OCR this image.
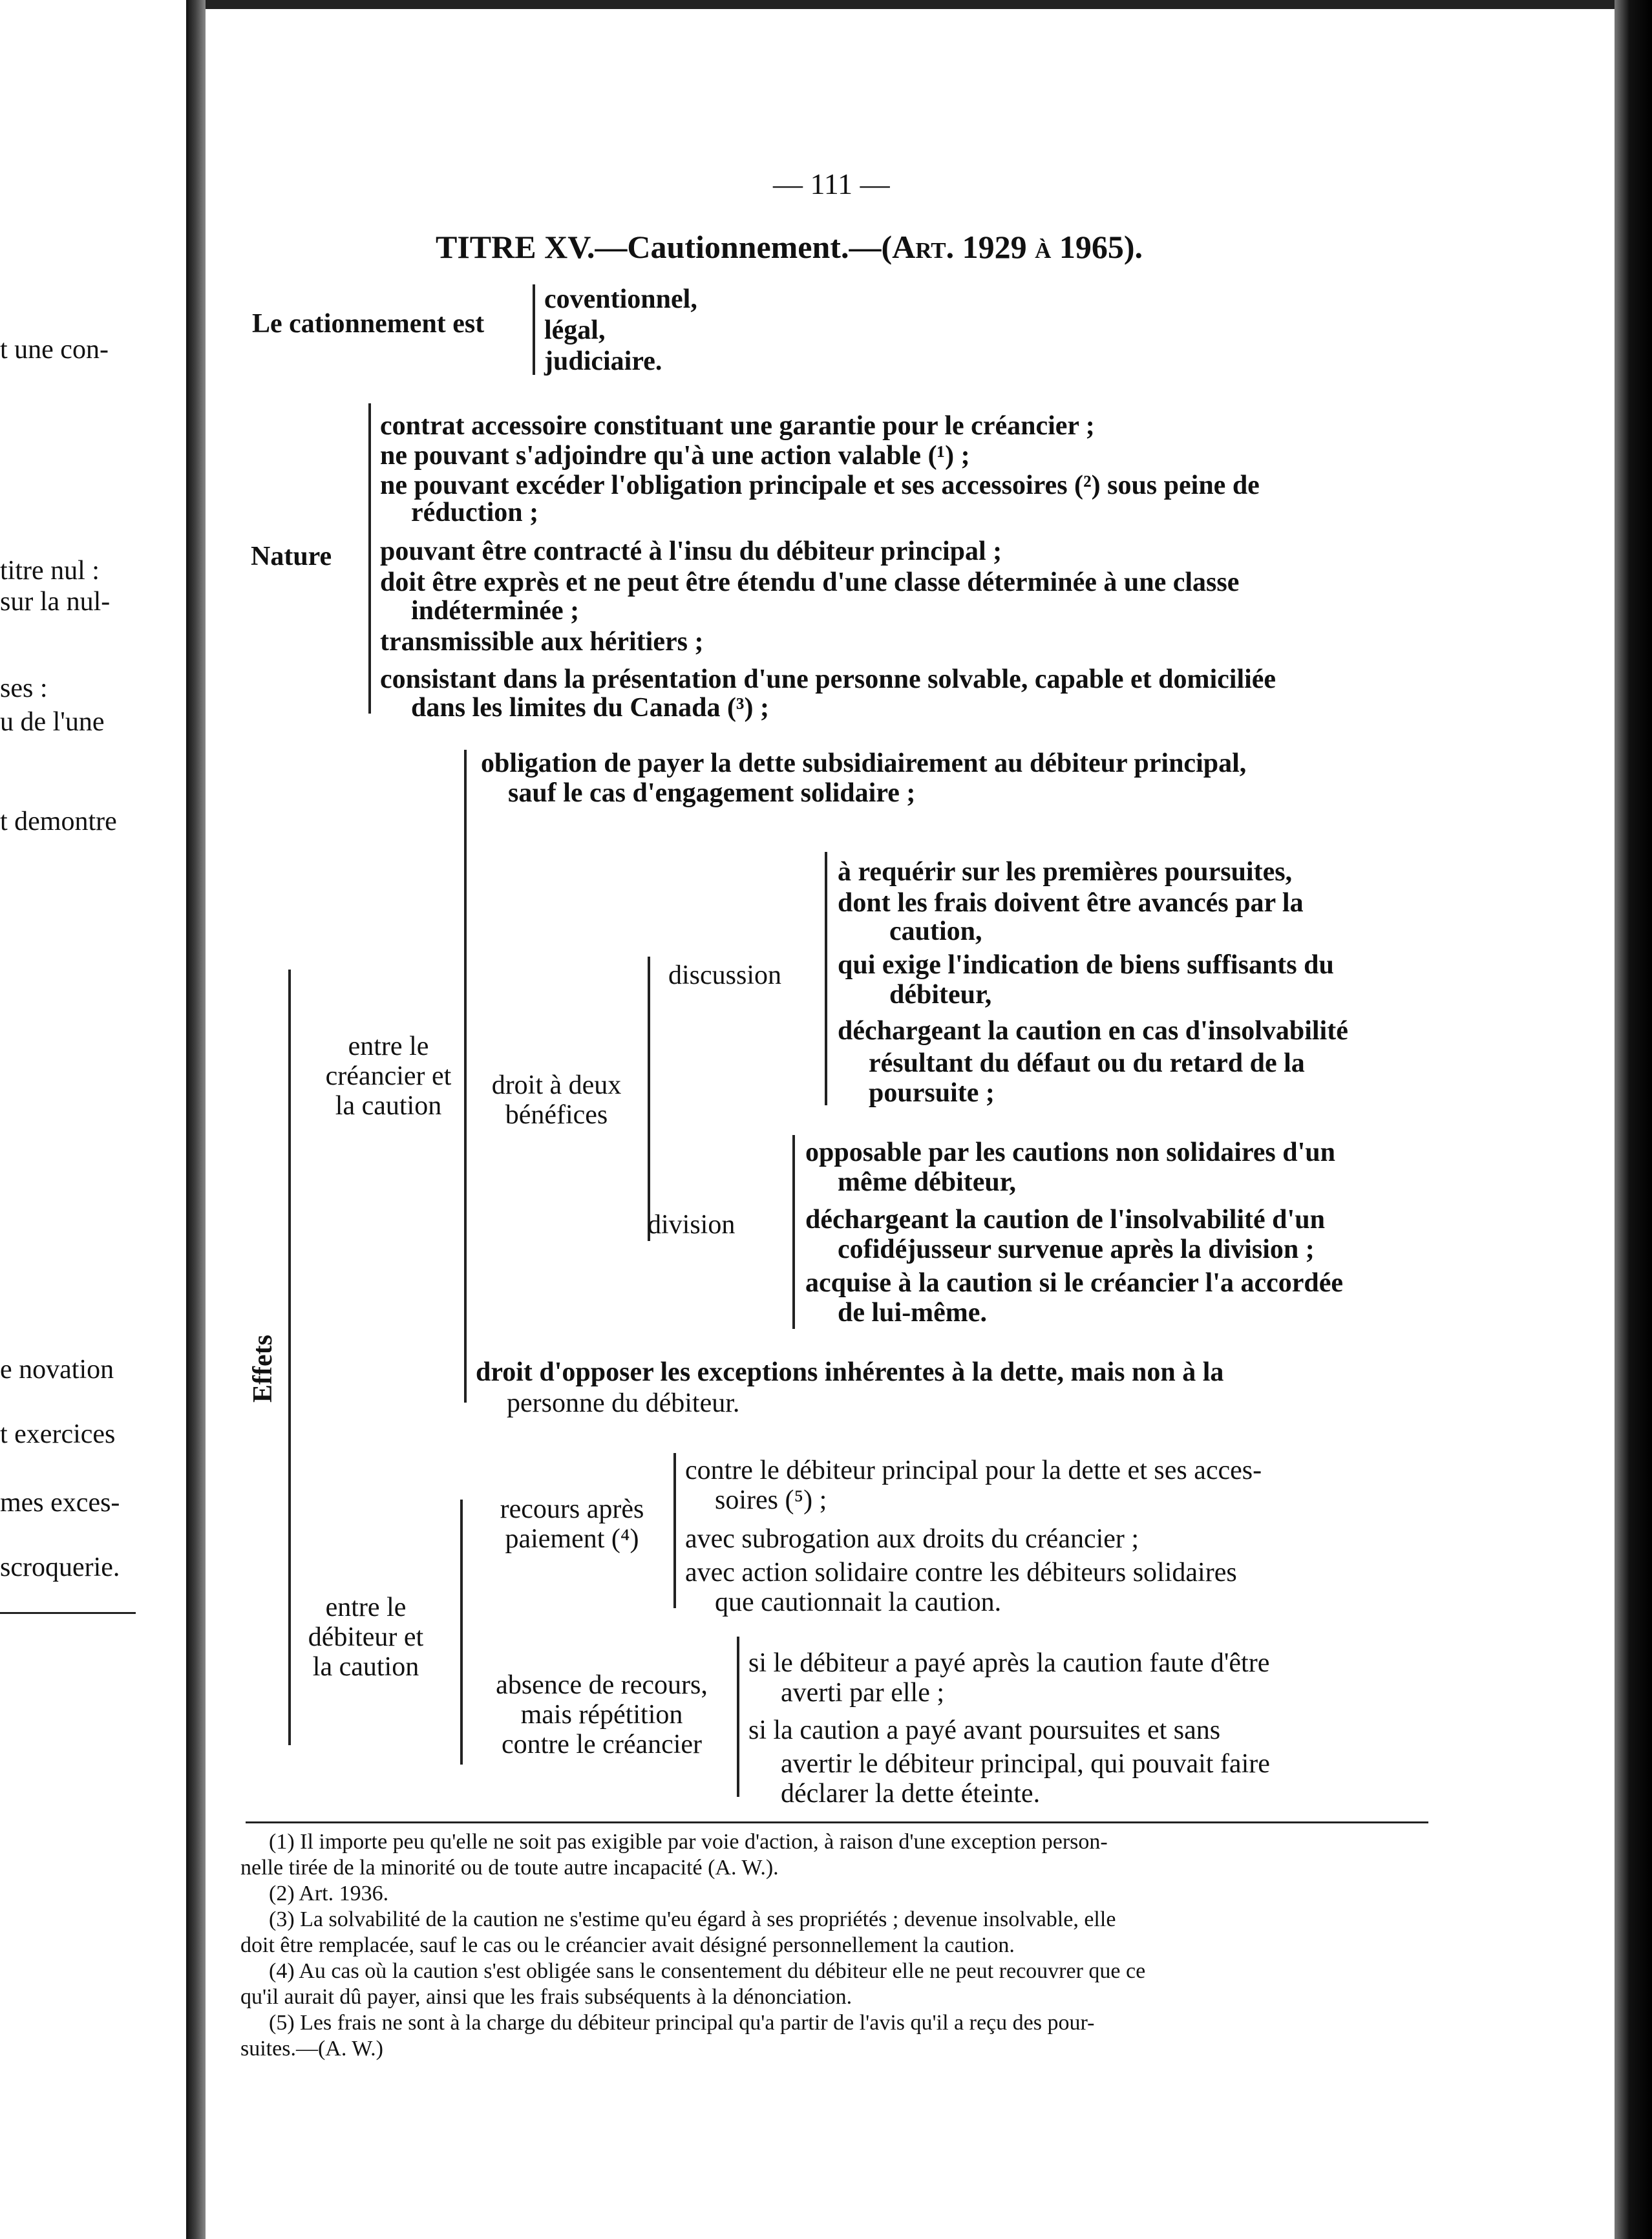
t une con-
titre nul :
sur la nul-
ses :
u de l'une
t demontre
e novation
t exercices
mes exces-
scroquerie.
— 111 —
TITRE XV.—Cautionnement.—(Art. 1929 à 1965).
Le cationnement est
coventionnel,
légal,
judiciaire.
Nature
contrat accessoire constituant une garantie pour le créancier ;
ne pouvant s'adjoindre qu'à une action valable (¹) ;
ne pouvant excéder l'obligation principale et ses accessoires (²) sous peine de
réduction ;
pouvant être contracté à l'insu du débiteur principal ;
doit être exprès et ne peut être étendu d'une classe déterminée à une classe
indéterminée ;
transmissible aux héritiers ;
consistant dans la présentation d'une personne solvable, capable et domiciliée
dans les limites du Canada (³) ;
Effets
entre le
créancier et
la caution
obligation de payer la dette subsidiairement au débiteur principal,
sauf le cas d'engagement solidaire ;
droit à deux
bénéfices
discussion
à requérir sur les premières poursuites,
dont les frais doivent être avancés par la
caution,
qui exige l'indication de biens suffisants du
débiteur,
déchargeant la caution en cas d'insolvabilité
résultant du défaut ou du retard de la
poursuite ;
division
opposable par les cautions non solidaires d'un
même débiteur,
déchargeant la caution de l'insolvabilité d'un
cofidéjusseur survenue après la division ;
acquise à la caution si le créancier l'a accordée
de lui-même.
droit d'opposer les exceptions inhérentes à la dette, mais non à la
personne du débiteur.
entre le
débiteur et
la caution
recours après
paiement (⁴)
contre le débiteur principal pour la dette et ses acces-
soires (⁵) ;
avec subrogation aux droits du créancier ;
avec action solidaire contre les débiteurs solidaires
que cautionnait la caution.
absence de recours,
mais répétition
contre le créancier
si le débiteur a payé après la caution faute d'être
averti par elle ;
si la caution a payé avant poursuites et sans
avertir le débiteur principal, qui pouvait faire
déclarer la dette éteinte.
(1) Il importe peu qu'elle ne soit pas exigible par voie d'action, à raison d'une exception person-
nelle tirée de la minorité ou de toute autre incapacité (A. W.).
(2) Art. 1936.
(3) La solvabilité de la caution ne s'estime qu'eu égard à ses propriétés ; devenue insolvable, elle
doit être remplacée, sauf le cas ou le créancier avait désigné personnellement la caution.
(4) Au cas où la caution s'est obligée sans le consentement du débiteur elle ne peut recouvrer que ce
qu'il aurait dû payer, ainsi que les frais subséquents à la dénonciation.
(5) Les frais ne sont à la charge du débiteur principal qu'a partir de l'avis qu'il a reçu des pour-
suites.—(A. W.)
